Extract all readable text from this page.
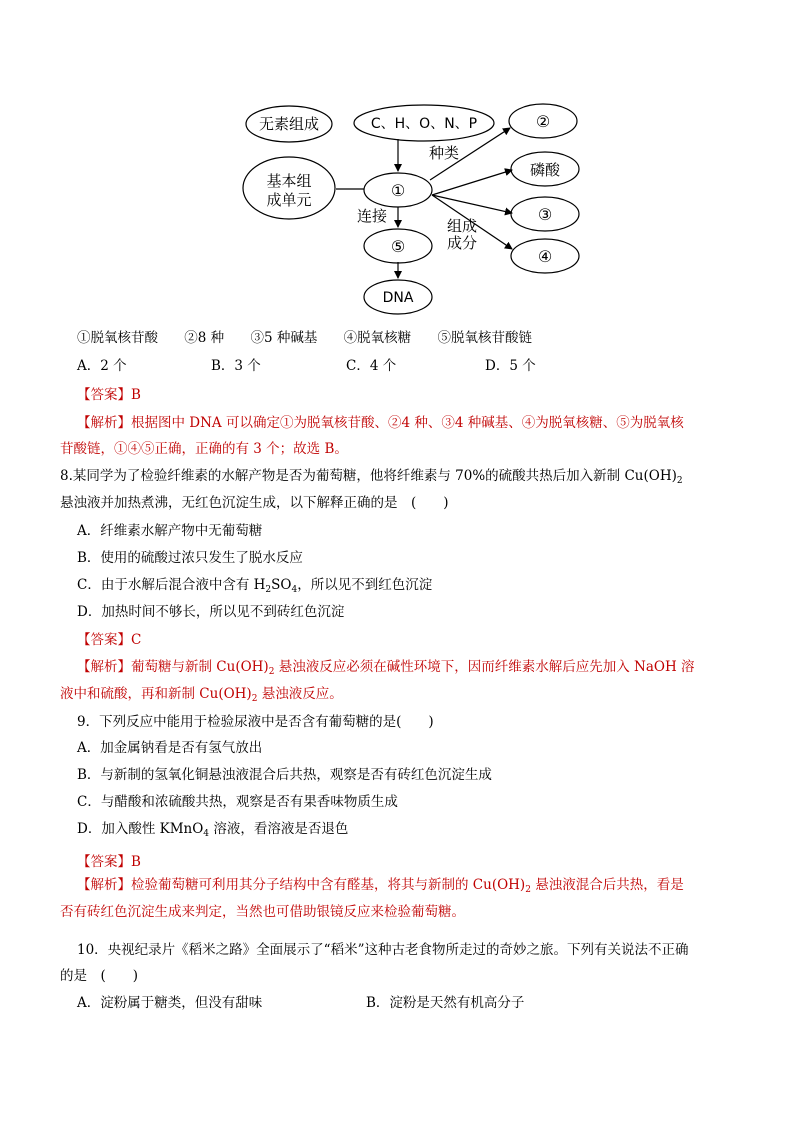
无素组成	C、H、O、N、P
基本组
成单元	①
②
磷酸
③
④
⑤
DNA
种类
连接
组成
成分
①脱氧核苷酸 ②8 种 ③5 种碱基 ④脱氧核糖 ⑤脱氧核苷酸链
A．2 个	B．3 个	C．4 个	D．5 个
【答案】B
【解析】根据图中 DNA 可以确定①为脱氧核苷酸、②4 种、③4 种碱基、④为脱氧核糖、⑤为脱氧核
苷酸链，①④⑤正确，正确的有 3 个；故选 B。
8.某同学为了检验纤维素的水解产物是否为葡萄糖，他将纤维素与 70%的硫酸共热后加入新制 $Cu(OH)_2$
悬浊液并加热煮沸，无红色沉淀生成，以下解释正确的是　(　　)
A．纤维素水解产物中无葡萄糖
B．使用的硫酸过浓只发生了脱水反应
C．由于水解后混合液中含有 $H_2SO_4$，所以见不到红色沉淀
D．加热时间不够长，所以见不到砖红色沉淀
【答案】C
【解析】葡萄糖与新制 $Cu(OH)_2$ 悬浊液反应必须在碱性环境下，因而纤维素水解后应先加入 NaOH 溶
液中和硫酸，再和新制 $Cu(OH)_2$ 悬浊液反应。
9．下列反应中能用于检验尿液中是否含有葡萄糖的是(　　)
A．加金属钠看是否有氢气放出
B．与新制的氢氧化铜悬浊液混合后共热，观察是否有砖红色沉淀生成
C．与醋酸和浓硫酸共热，观察是否有果香味物质生成
D．加入酸性 KMnO$_4$ 溶液，看溶液是否退色
【答案】B
【解析】检验葡萄糖可利用其分子结构中含有醛基，将其与新制的 $Cu(OH)_2$ 悬浊液混合后共热，看是
否有砖红色沉淀生成来判定，当然也可借助银镜反应来检验葡萄糖。
10．央视纪录片《稻米之路》全面展示了“稻米”这种古老食物所走过的奇妙之旅。下列有关说法不正确
的是　(　　)
A．淀粉属于糖类，但没有甜味	B．淀粉是天然有机高分子
